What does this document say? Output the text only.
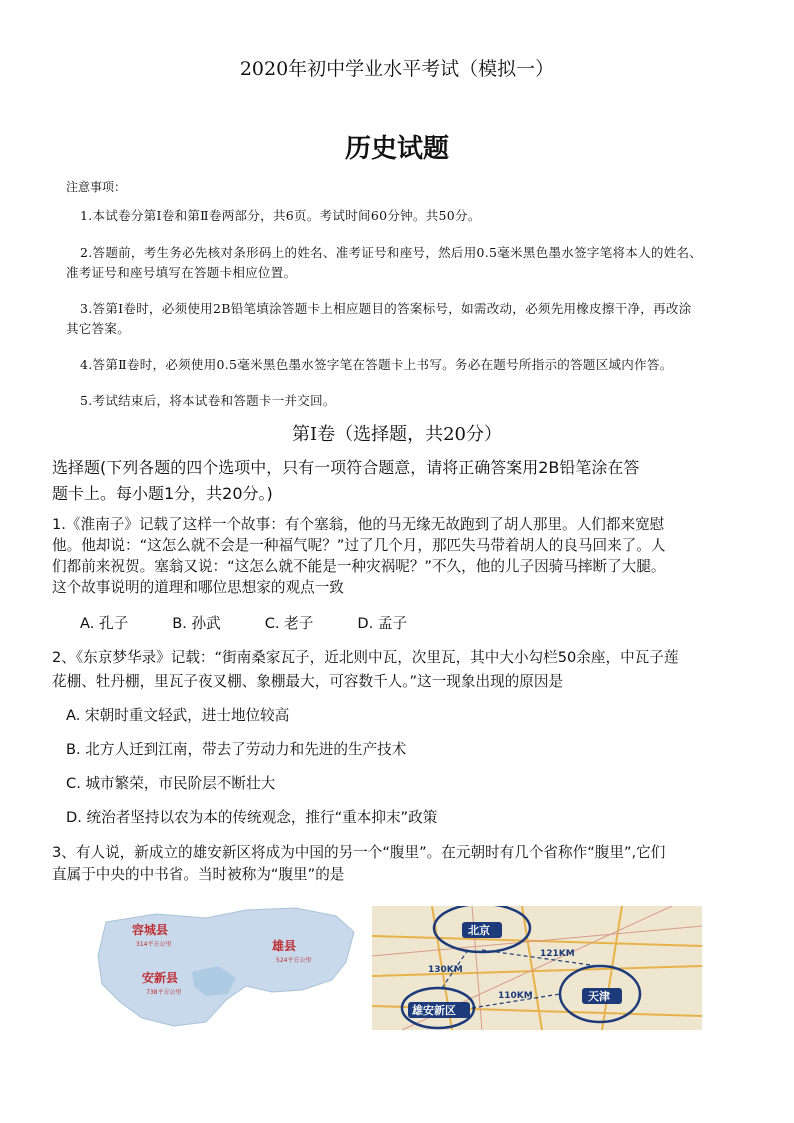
2020年初中学业水平考试（模拟一）
历史试题
注意事项：
1.本试卷分第Ⅰ卷和第Ⅱ卷两部分，共6页。考试时间60分钟。共50分。
2.答题前，考生务必先核对条形码上的姓名、准考证号和座号，然后用0.5毫米黑色墨水签字笔将本人的姓名、
准考证号和座号填写在答题卡相应位置。
3.答第Ⅰ卷时，必须使用2B铅笔填涂答题卡上相应题目的答案标号，如需改动，必须先用橡皮擦干净，再改涂
其它答案。
4.答第Ⅱ卷时，必须使用0.5毫米黑色墨水签字笔在答题卡上书写。务必在题号所指示的答题区域内作答。
5.考试结束后，将本试卷和答题卡一并交回。
第Ⅰ卷（选择题，共20分）
选择题(下列各题的四个选项中，只有一项符合题意，请将正确答案用2B铅笔涂在答
题卡上。每小题1分，共20分。)
1.《淮南子》记载了这样一个故事：有个塞翁，他的马无缘无故跑到了胡人那里。人们都来宽慰
他。他却说：“这怎么就不会是一种福气呢？”过了几个月，那匹失马带着胡人的良马回来了。人
们都前来祝贺。塞翁又说：“这怎么就不能是一种灾祸呢？”不久，他的儿子因骑马摔断了大腿。
这个故事说明的道理和哪位思想家的观点一致
A. 孔子	B. 孙武	C. 老子	D. 孟子
2、《东京梦华录》记载：“街南桑家瓦子，近北则中瓦，次里瓦，其中大小勾栏50余座，中瓦子莲
花棚、牡丹棚，里瓦子夜叉棚、象棚最大，可容数千人。”这一现象出现的原因是
A. 宋朝时重文轻武，进士地位较高
B. 北方人迁到江南，带去了劳动力和先进的生产技术
C. 城市繁荣，市民阶层不断壮大
D. 统治者坚持以农为本的传统观念，推行“重本抑末”政策
3、有人说，新成立的雄安新区将成为中国的另一个“腹里”。在元朝时有几个省称作“腹里”,它们
直属于中央的中书省。当时被称为“腹里”的是
容城县
314平方公里	雄县
524平方公里
安新县
738平方公里
北京
天津
雄安新区
121KM
130KM
110KM
